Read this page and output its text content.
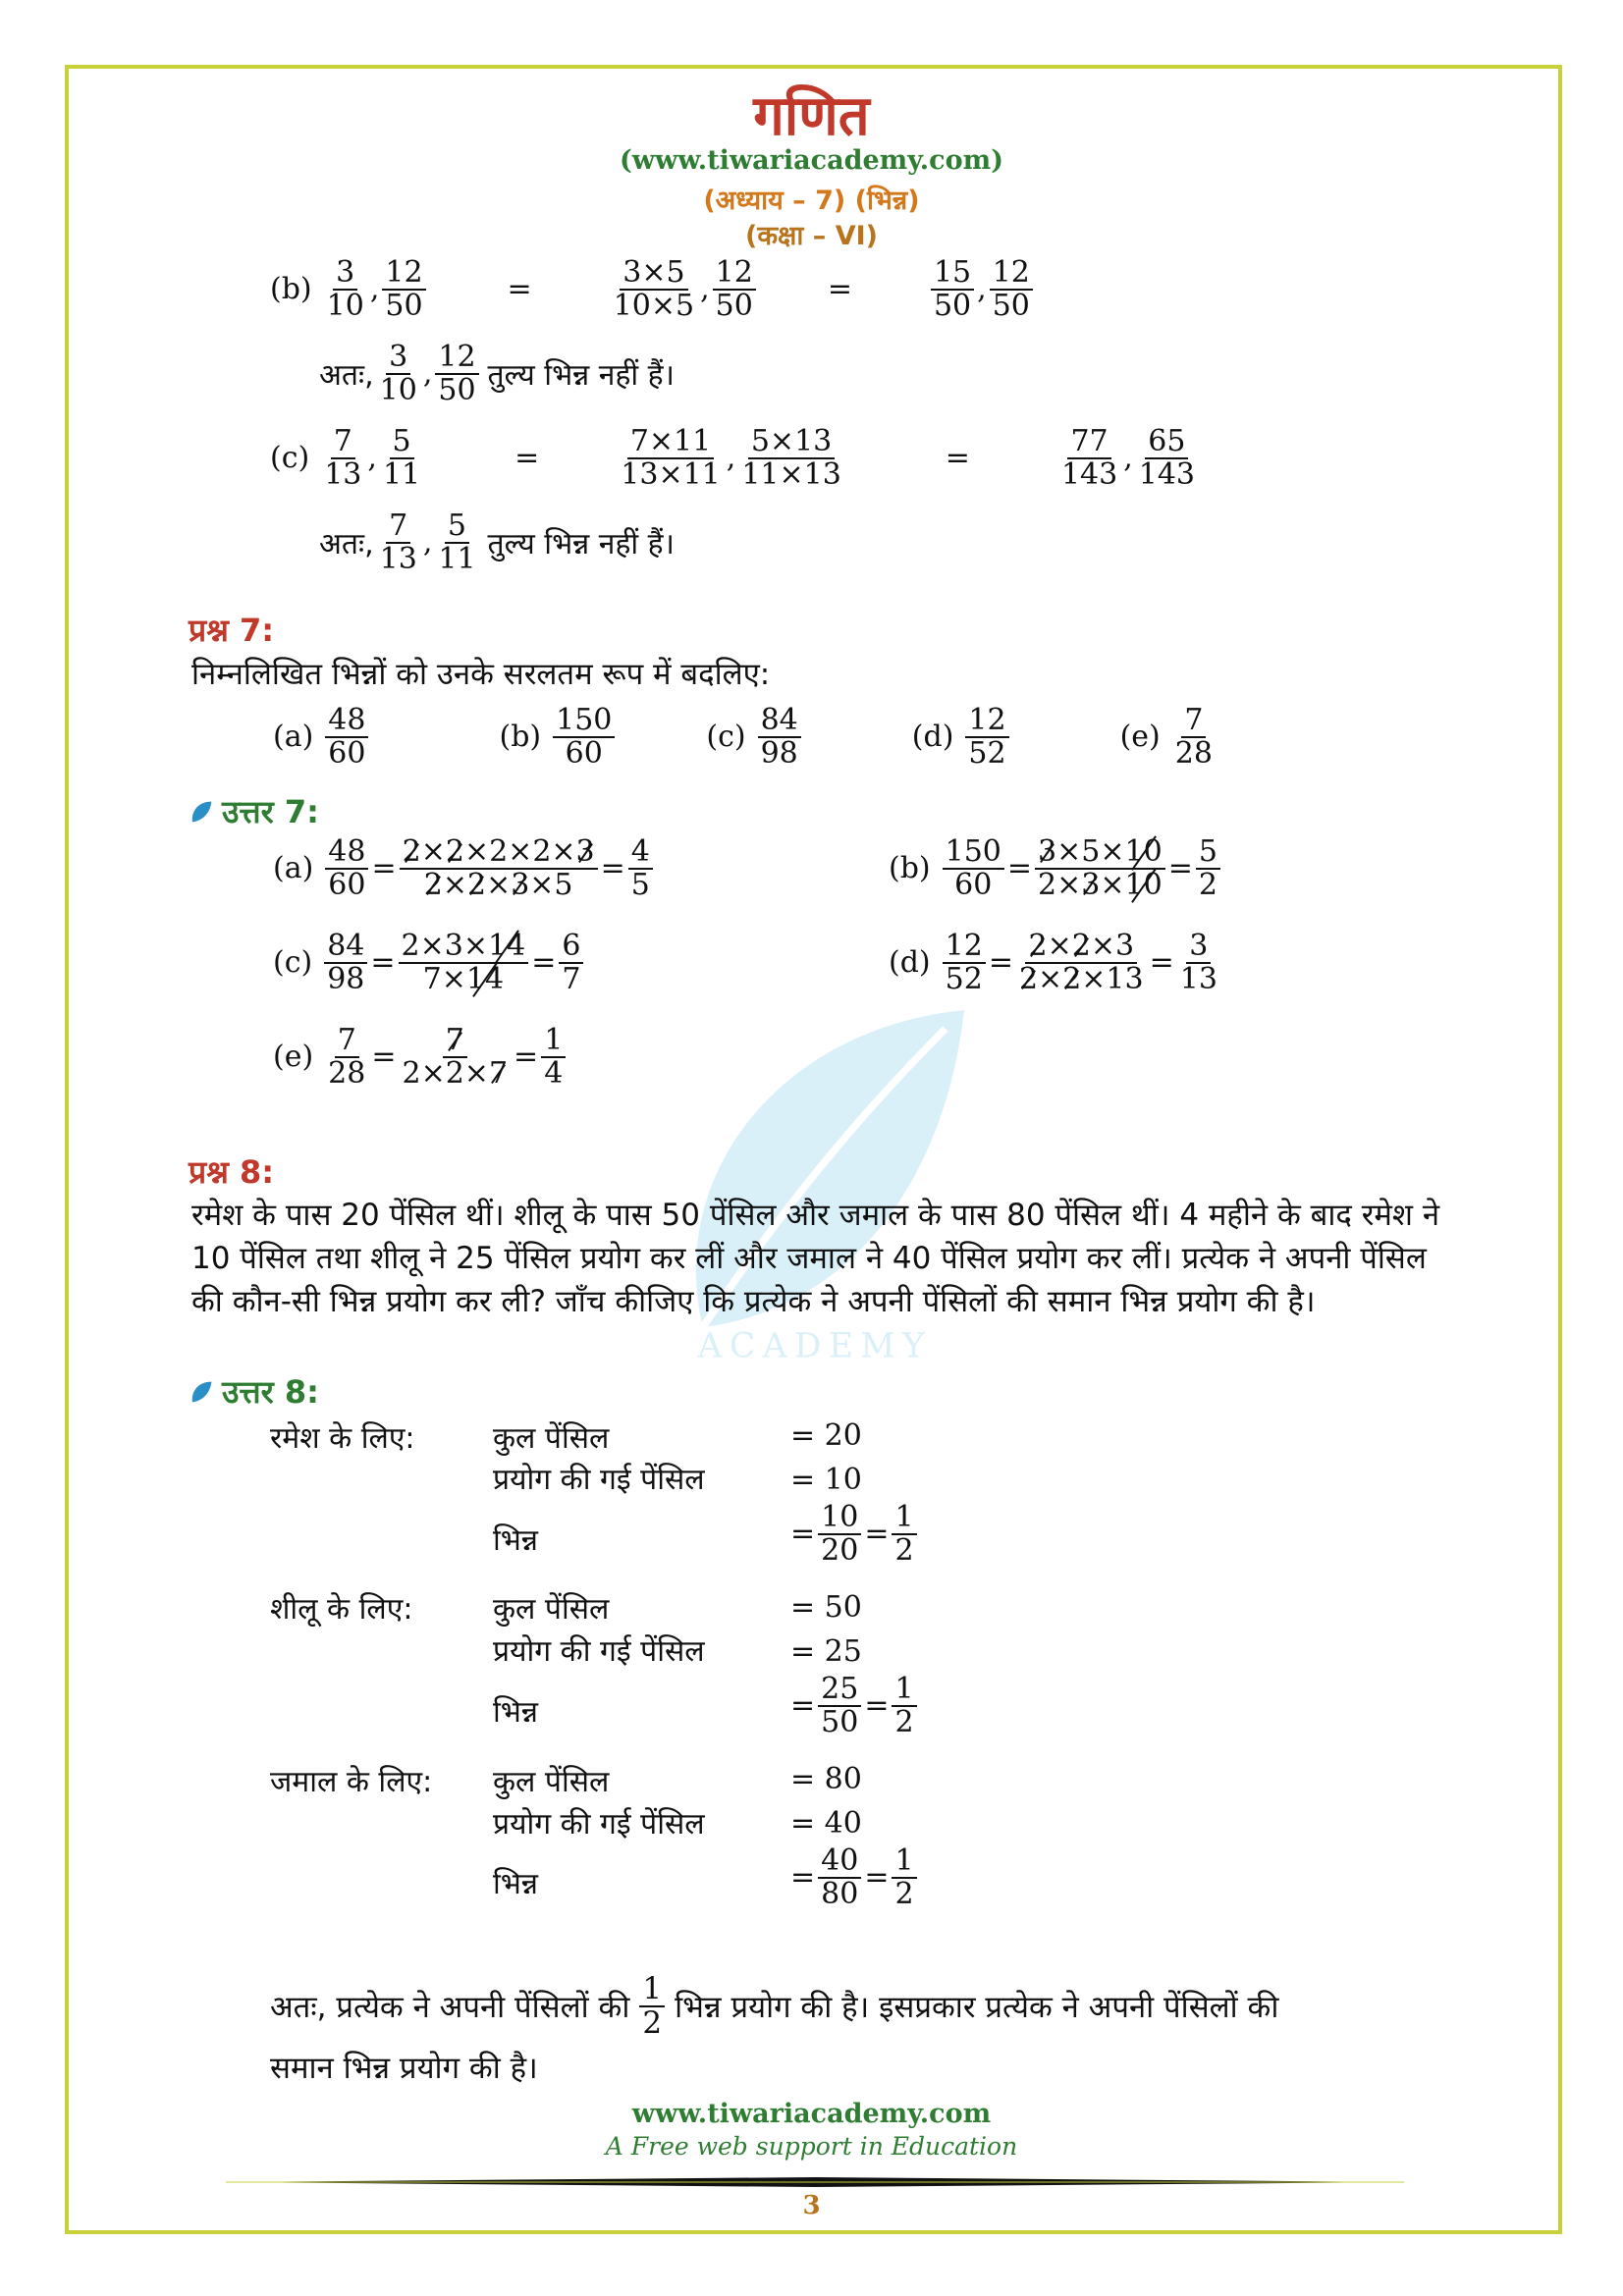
ACADEMY
गणित
(www.tiwariacademy.com)
(अध्याय – 7) (भिन्न)
(कक्षा – VI)
$(b) \frac{3}{10}$ , $\frac{12}{50}$	=	$\frac{3\times 5}{10\times 5}$ , $\frac{12}{50}$ =	$\frac{15}{50}$ , $\frac{12}{50}$
अतः, $\frac{3}{10}$ , $\frac{12}{50}$ तुल्य भिन्न नहीं हैं।
$(c) \frac{7}{13}$ , $\frac{5}{11}$	=	$\frac{7\times 11}{13\times 11}$ , $\frac{5\times 13}{11\times 13}$	=	$\frac{77}{143}$ , $\frac{65}{143}$
अतः, $\frac{7}{13}$ , $\frac{5}{11}$ तुल्य भिन्न नहीं हैं।
प्रश्न 7:
निम्नलिखित भिन्नों को उनके सरलतम रूप में बदलिए:
$(a) \frac{48}{60}$	$(b) \frac{150}{60}$	$(c) \frac{84}{98}$	$(d) \frac{12}{52}$	$(e) \frac{7}{28}$
उत्तर 7:
$(a) \frac{48}{60} = \frac{2\times 2\times 2\times 2\times 3}{2\times 2\times 3\times 5} = \frac{4}{5}$	$(b) \frac{150}{60} = \frac{3\times 5\times 10}{2\times 3\times 10} = \frac{5}{2}$
$(c) \frac{84}{98} = \frac{2\times 3\times 14}{7\times 14} = \frac{6}{7}$	$(d) \frac{12}{52} = \frac{2\times 2\times 3}{2\times 2\times 13} = \frac{3}{13}$
$(e) \frac{7}{28} = \frac{7}{2\times 2\times 7} = \frac{1}{4}$
प्रश्न 8:
रमेश के पास 20 पेंसिल थीं। शीलू के पास 50 पेंसिल और जमाल के पास 80 पेंसिल थीं। 4 महीने के बाद रमेश ने 10 पेंसिल तथा शीलू ने 25 पेंसिल प्रयोग कर लीं और जमाल ने 40 पेंसिल प्रयोग कर लीं। प्रत्येक ने अपनी पेंसिल की कौन-सी भिन्न प्रयोग कर ली? जाँच कीजिए कि प्रत्येक ने अपनी पेंसिलों की समान भिन्न प्रयोग की है।
उत्तर 8:
रमेश के लिए:	कुल पेंसिल	= 20
प्रयोग की गई पेंसिल	= 10
भिन्न	= $\frac{10}{20} = \frac{1}{2}$
शीलू के लिए:	कुल पेंसिल	= 50
प्रयोग की गई पेंसिल	= 25
भिन्न	= $\frac{25}{50} = \frac{1}{2}$
जमाल के लिए: कुल पेंसिल	= 80
प्रयोग की गई पेंसिल	= 40
भिन्न	= $\frac{40}{80} = \frac{1}{2}$
अतः, प्रत्येक ने अपनी पेंसिलों की $\frac{1}{2}$ भिन्न प्रयोग की है। इसप्रकार प्रत्येक ने अपनी पेंसिलों की
समान भिन्न प्रयोग की है।
www.tiwariacademy.com
A Free web support in Education
3
